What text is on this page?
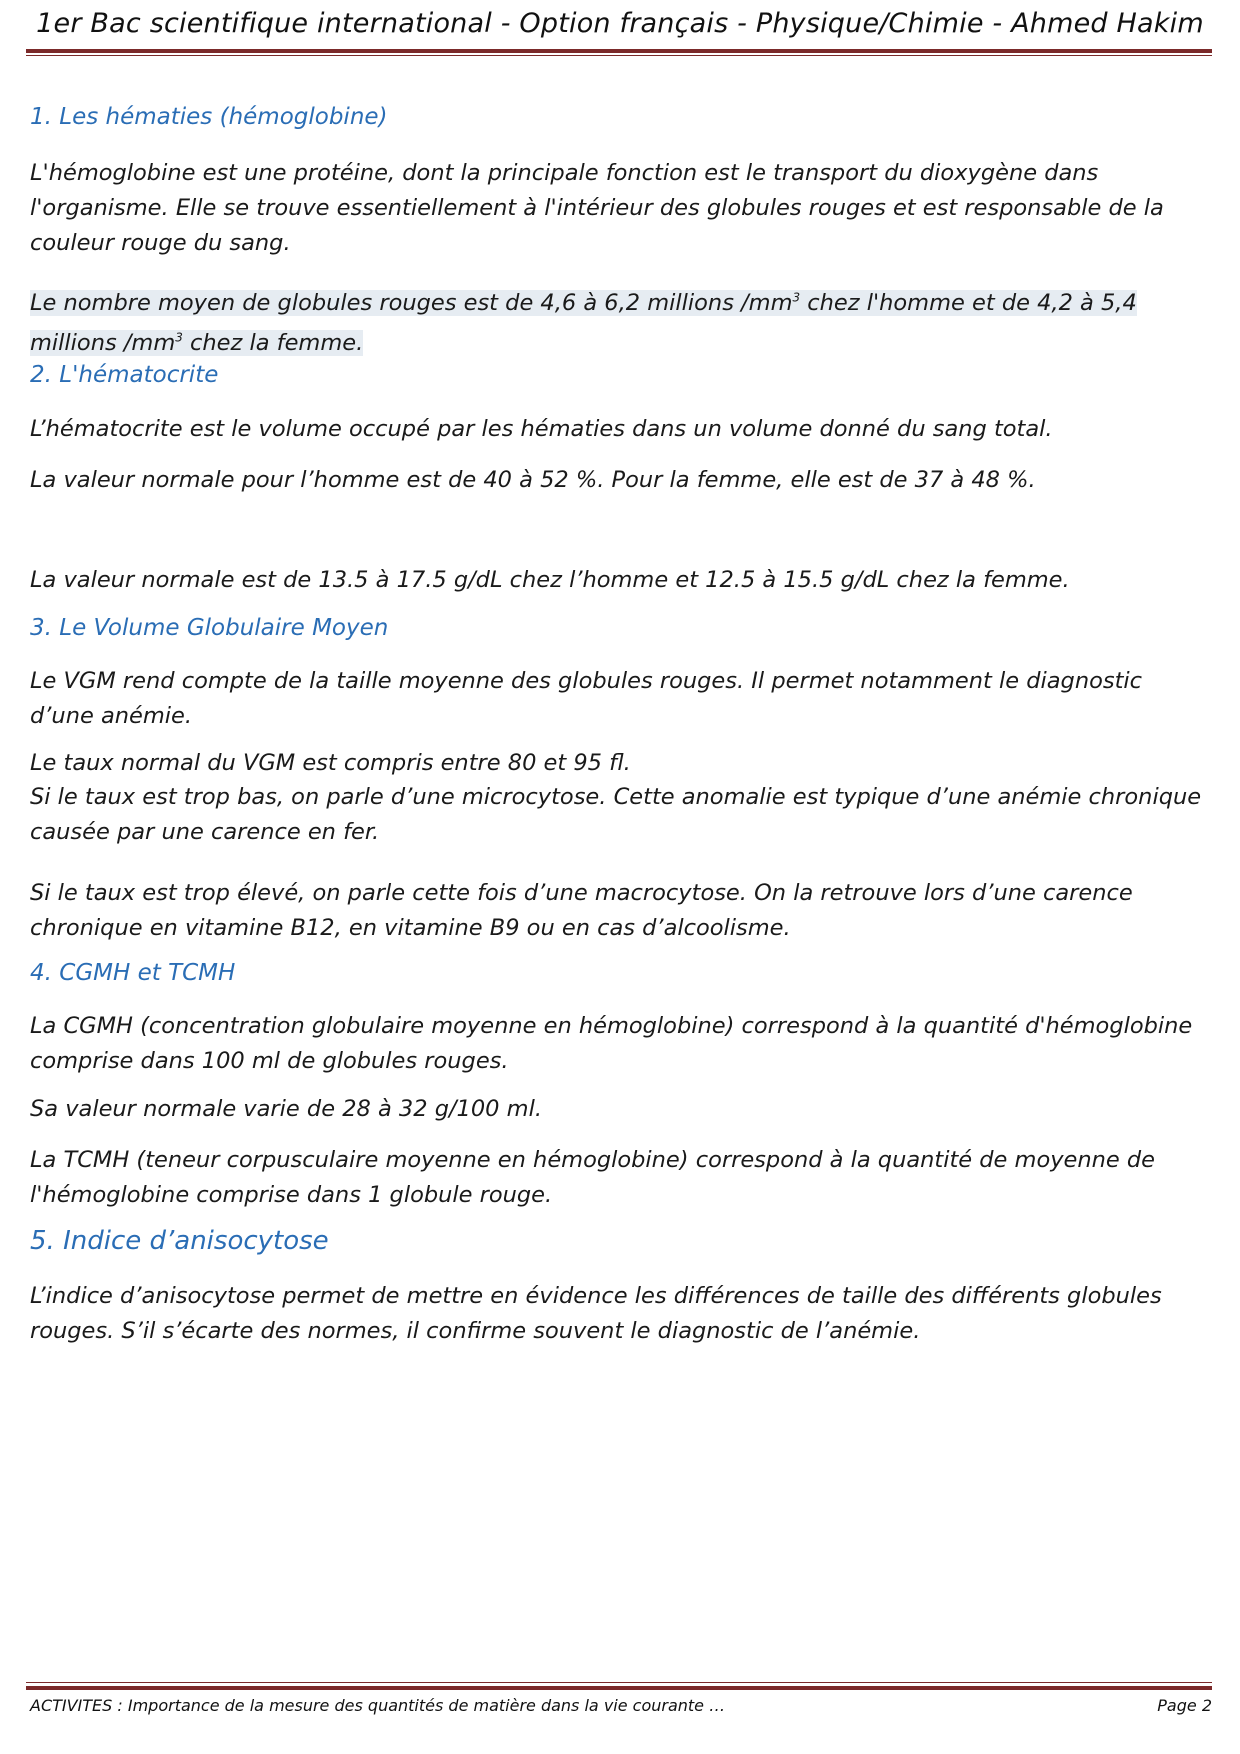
1er Bac scientifique international - Option français - Physique/Chimie - Ahmed Hakim
1. Les hématies (hémoglobine)

L'hémoglobine est une protéine, dont la principale fonction est le transport du dioxygène dans l'organisme. Elle se trouve essentiellement à l'intérieur des globules rouges et est responsable de la couleur rouge du sang.

Le nombre moyen de globules rouges est de 4,6 à 6,2 millions $/mm^3$ chez l'homme et de 4,2 à 5,4 millions $/mm^3$ chez la femme.

2. L'hématocrite

L’hématocrite est le volume occupé par les hématies dans un volume donné du sang total.

La valeur normale pour l’homme est de 40 à 52 %. Pour la femme, elle est de 37 à 48 %.

La valeur normale est de 13.5 à 17.5 g/dL chez l’homme et 12.5 à 15.5 g/dL chez la femme.

3. Le Volume Globulaire Moyen

Le VGM rend compte de la taille moyenne des globules rouges. Il permet notamment le diagnostic d’une anémie.

Le taux normal du VGM est compris entre 80 et 95 fl.

Si le taux est trop bas, on parle d’une microcytose. Cette anomalie est typique d’une anémie chronique causée par une carence en fer.

Si le taux est trop élevé, on parle cette fois d’une macrocytose. On la retrouve lors d’une carence chronique en vitamine B12, en vitamine B9 ou en cas d’alcoolisme.

4. CGMH et TCMH

La CGMH (concentration globulaire moyenne en hémoglobine) correspond à la quantité d'hémoglobine comprise dans 100 ml de globules rouges.

Sa valeur normale varie de 28 à 32 g/100 ml.

La TCMH (teneur corpusculaire moyenne en hémoglobine) correspond à la quantité de moyenne de l'hémoglobine comprise dans 1 globule rouge.

5. Indice d’anisocytose

L’indice d’anisocytose permet de mettre en évidence les différences de taille des différents globules rouges. S’il s’écarte des normes, il confirme souvent le diagnostic de l’anémie.

ACTIVITES : Importance de la mesure des quantités de matière dans la vie courante …	Page 2
